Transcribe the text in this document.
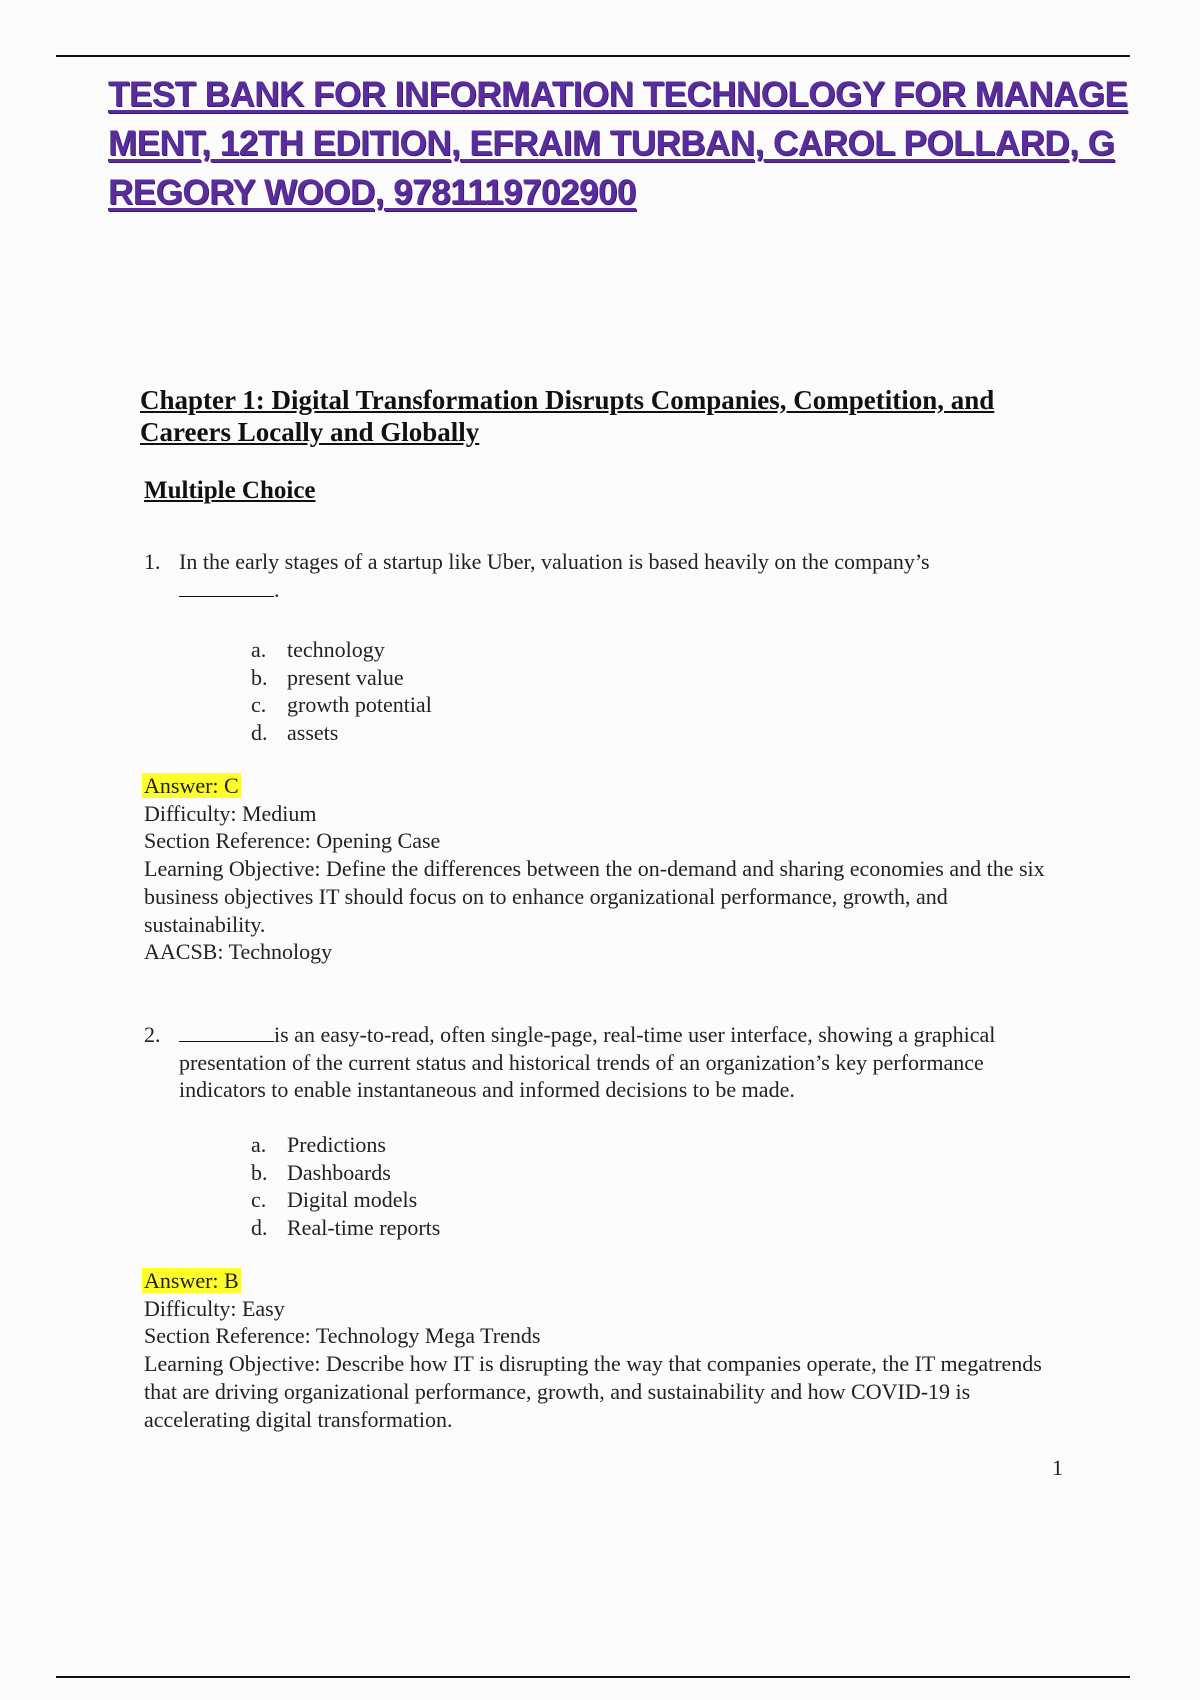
TEST BANK FOR INFORMATION TECHNOLOGY FOR MANAGE
MENT, 12TH EDITION, EFRAIM TURBAN, CAROL POLLARD, G
REGORY WOOD, 9781119702900
Chapter 1: Digital Transformation Disrupts Companies, Competition, and
Careers Locally and Globally
Multiple Choice
1. In the early stages of a startup like Uber, valuation is based heavily on the company’s
.
a. technology
b. present value
c. growth potential
d. assets
Answer: C
Difficulty: Medium
Section Reference: Opening Case
Learning Objective: Define the differences between the on-demand and sharing economies and the six business objectives IT should focus on to enhance organizational performance, growth, and sustainability.
AACSB: Technology
2.	is an easy-to-read, often single-page, real-time user interface, showing a graphical presentation of the current status and historical trends of an organization’s key performance indicators to enable instantaneous and informed decisions to be made.
a. Predictions
b. Dashboards
c. Digital models
d. Real-time reports
Answer: B
Difficulty: Easy
Section Reference: Technology Mega Trends
Learning Objective: Describe how IT is disrupting the way that companies operate, the IT megatrends that are driving organizational performance, growth, and sustainability and how COVID-19 is accelerating digital transformation.
1
